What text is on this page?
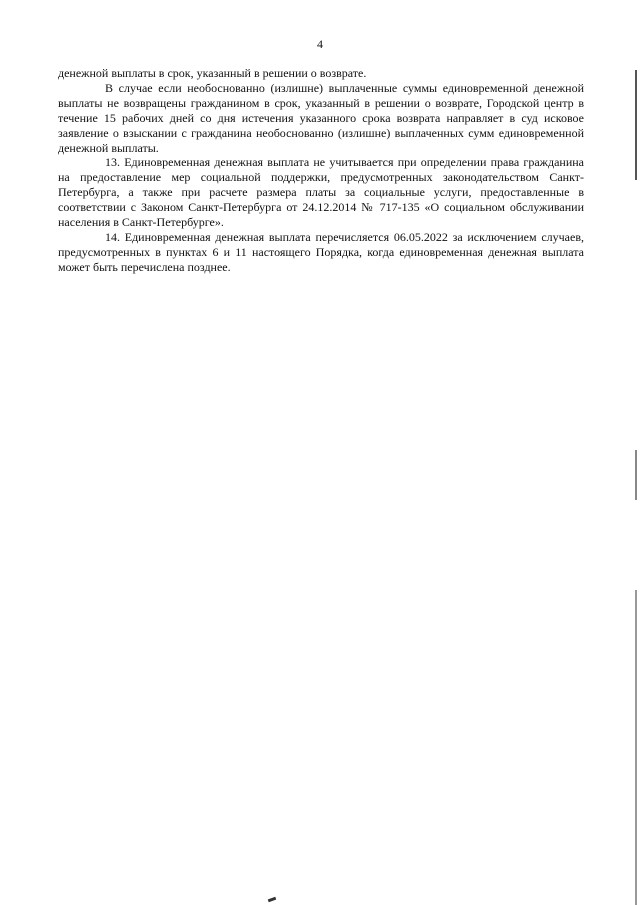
4

денежной выплаты в срок, указанный в решении о возврате.

В случае если необоснованно (излишне) выплаченные суммы единовременной денежной выплаты не возвращены гражданином в срок, указанный в решении о возврате, Городской центр в течение 15 рабочих дней со дня истечения указанного срока возврата направляет в суд исковое заявление о взыскании с гражданина необоснованно (излишне) выплаченных сумм единовременной денежной выплаты.

13. Единовременная денежная выплата не учитывается при определении права гражданина на предоставление мер социальной поддержки, предусмотренных законодательством Санкт-Петербурга, а также при расчете размера платы за социальные услуги, предоставленные в соответствии с Законом Санкт-Петербурга от 24.12.2014 № 717-135 «О социальном обслуживании населения в Санкт-Петербурге».

14. Единовременная денежная выплата перечисляется 06.05.2022 за исключением случаев, предусмотренных в пунктах 6 и 11 настоящего Порядка, когда единовременная денежная выплата может быть перечислена позднее.
